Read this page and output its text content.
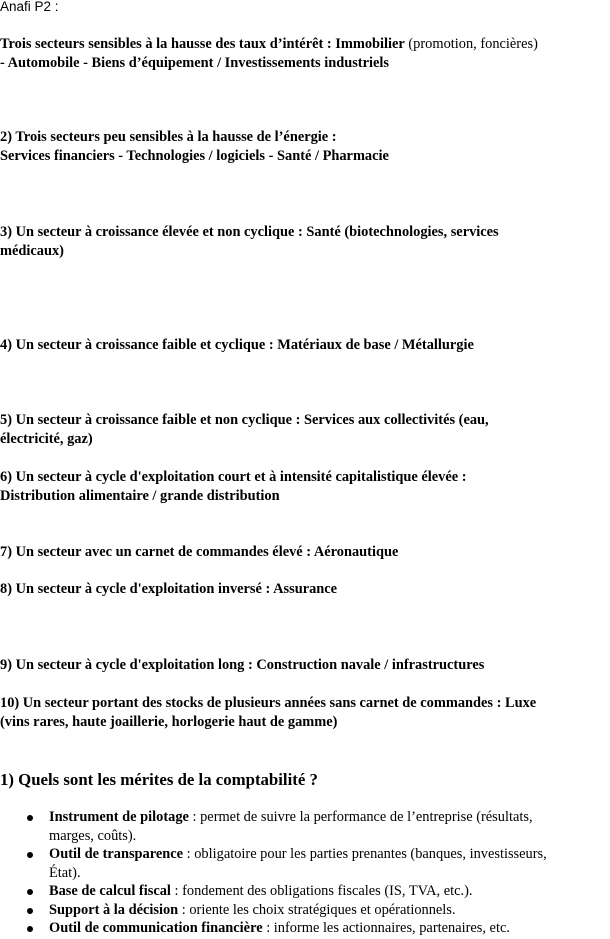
Anafi P2 :

Trois secteurs sensibles à la hausse des taux d’intérêt : Immobilier (promotion, foncières)
- Automobile - Biens d’équipement / Investissements industriels

2) Trois secteurs peu sensibles à la hausse de l’énergie :
Services financiers - Technologies / logiciels - Santé / Pharmacie

3) Un secteur à croissance élevée et non cyclique : Santé (biotechnologies, services
médicaux)

4) Un secteur à croissance faible et cyclique : Matériaux de base / Métallurgie

5) Un secteur à croissance faible et non cyclique : Services aux collectivités (eau,
électricité, gaz)

6) Un secteur à cycle d'exploitation court et à intensité capitalistique élevée :
Distribution alimentaire / grande distribution

7) Un secteur avec un carnet de commandes élevé : Aéronautique

8) Un secteur à cycle d'exploitation inversé : Assurance

9) Un secteur à cycle d'exploitation long : Construction navale / infrastructures

10) Un secteur portant des stocks de plusieurs années sans carnet de commandes : Luxe
(vins rares, haute joaillerie, horlogerie haut de gamme)

1) Quels sont les mérites de la comptabilité ?
Instrument de pilotage : permet de suivre la performance de l’entreprise (résultats,
marges, coûts).
Outil de transparence : obligatoire pour les parties prenantes (banques, investisseurs,
État).
Base de calcul fiscal : fondement des obligations fiscales (IS, TVA, etc.).
Support à la décision : oriente les choix stratégiques et opérationnels.
Outil de communication financière : informe les actionnaires, partenaires, etc.
